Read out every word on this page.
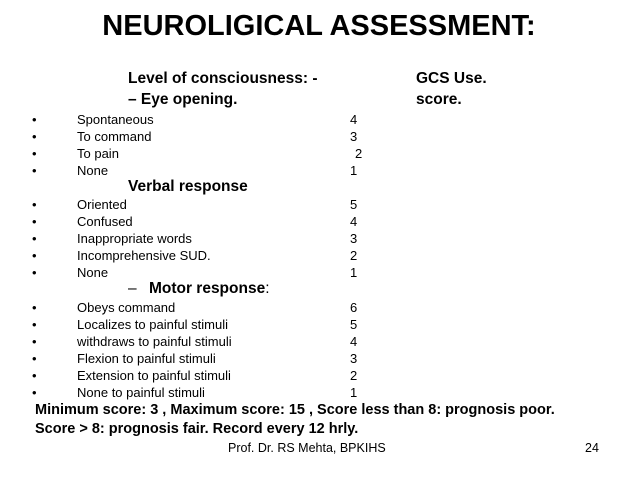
NEUROLIGICAL ASSESSMENT:
Level of consciousness: -	GCS Use.
– Eye opening.	score.
•	Spontaneous	4
•	To command	3
•	To pain	2
•	None	1
Verbal response
•	Oriented	5
•	Confused	4
•	Inappropriate words	3
•	Incomprehensive SUD.	2
•	None	1
– Motor response:
•	Obeys command	6
•	Localizes to painful stimuli	5
•	withdraws to painful stimuli	4
•	Flexion to painful stimuli	3
•	Extension to painful stimuli	2
•	None to painful stimuli	1
Minimum score: 3 , Maximum score: 15 , Score less than 8: prognosis poor.
Score > 8: prognosis fair. Record every 12 hrly.
Prof. Dr. RS Mehta, BPKIHS	24
